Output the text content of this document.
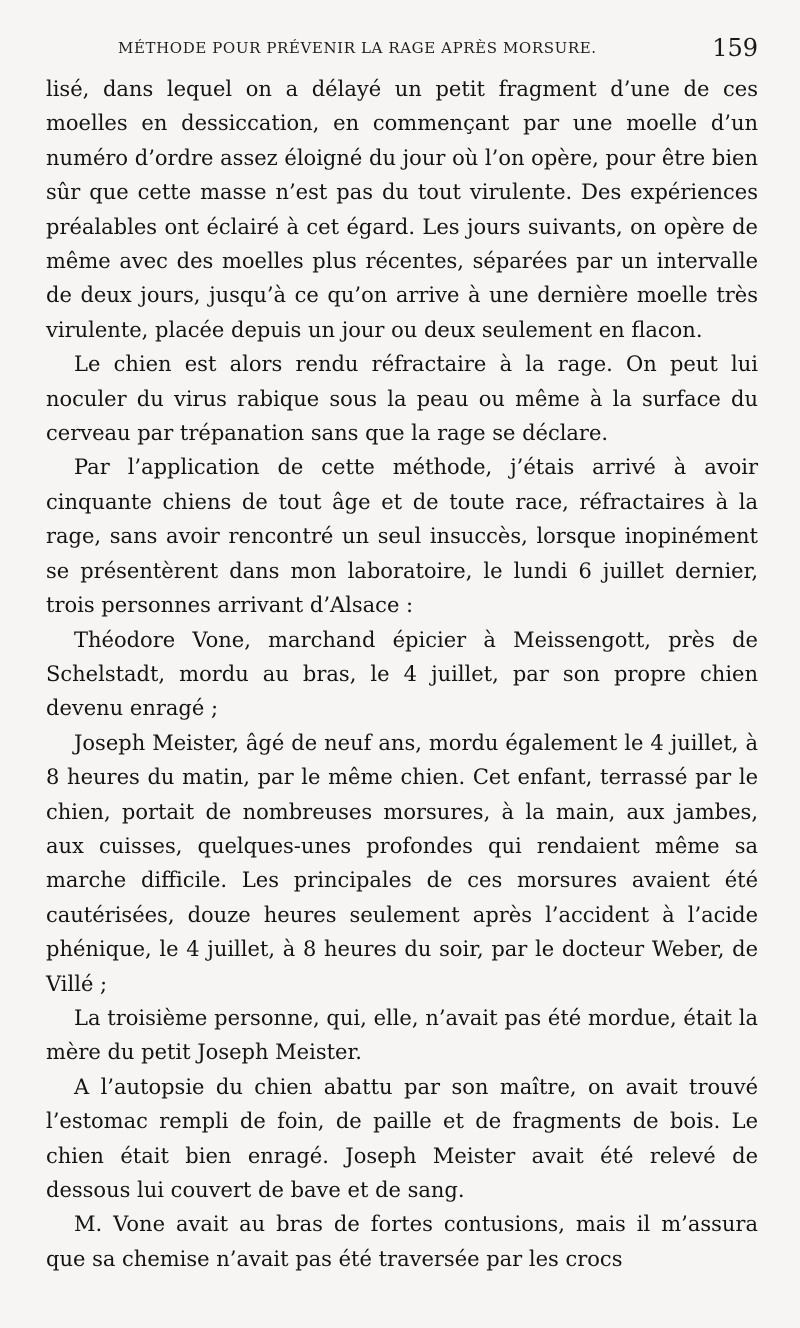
MÉTHODE POUR PRÉVENIR LA RAGE APRÈS MORSURE.	159

lisé, dans lequel on a délayé un petit fragment d’une de ces moelles en dessiccation, en commençant par une moelle d’un numéro d’ordre assez éloigné du jour où l’on opère, pour être bien sûr que cette masse n’est pas du tout virulente. Des expériences préalables ont éclairé à cet égard. Les jours suivants, on opère de même avec des moelles plus récentes, séparées par un intervalle de deux jours, jusqu’à ce qu’on arrive à une dernière moelle très virulente, placée depuis un jour ou deux seulement en flacon.

Le chien est alors rendu réfractaire à la rage. On peut lui noculer du virus rabique sous la peau ou même à la surface du cerveau par trépanation sans que la rage se déclare.

Par l’application de cette méthode, j’étais arrivé à avoir cinquante chiens de tout âge et de toute race, réfractaires à la rage, sans avoir rencontré un seul insuccès, lorsque inopinément se présentèrent dans mon laboratoire, le lundi 6 juillet dernier, trois personnes arrivant d’Alsace :

Théodore Vone, marchand épicier à Meissengott, près de Schelstadt, mordu au bras, le 4 juillet, par son propre chien devenu enragé ;

Joseph Meister, âgé de neuf ans, mordu également le 4 juillet, à 8 heures du matin, par le même chien. Cet enfant, terrassé par le chien, portait de nombreuses morsures, à la main, aux jambes, aux cuisses, quelques-unes profondes qui rendaient même sa marche difficile. Les principales de ces morsures avaient été cautérisées, douze heures seulement après l’accident à l’acide phénique, le 4 juillet, à 8 heures du soir, par le docteur Weber, de Villé ;

La troisième personne, qui, elle, n’avait pas été mordue, était la mère du petit Joseph Meister.

A l’autopsie du chien abattu par son maître, on avait trouvé l’estomac rempli de foin, de paille et de fragments de bois. Le chien était bien enragé. Joseph Meister avait été relevé de dessous lui couvert de bave et de sang.

M. Vone avait au bras de fortes contusions, mais il m’assura que sa chemise n’avait pas été traversée par les crocs
